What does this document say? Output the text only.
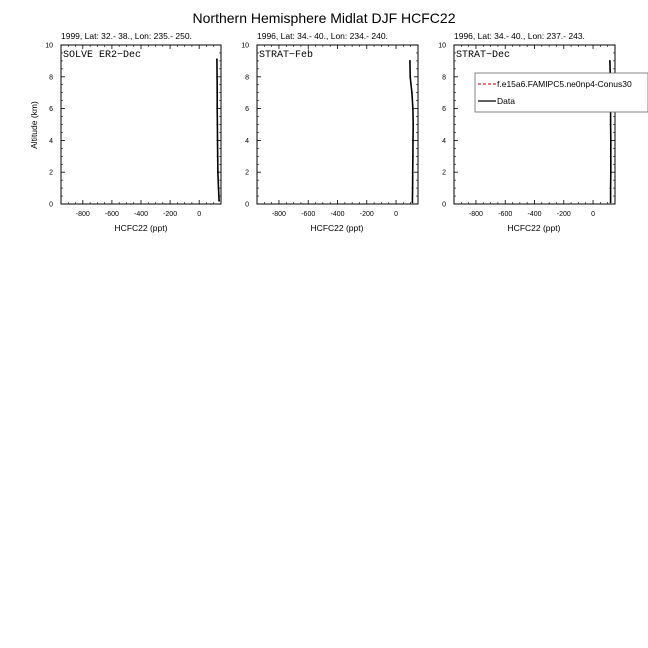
Northern Hemisphere Midlat DJF HCFC22
1999, Lat: 32.- 38., Lon: 235.- 250.
SOLVE ER2−Dec
HCFC22 (ppt)
Altitude (km)
-800 -600 -400 -200	0
0
2
4
6
8
10
1996, Lat: 34.- 40., Lon: 234.- 240.
STRAT−Feb
HCFC22 (ppt)
-800 -600 -400 -200	0
0
2
4
6
8
10
1996, Lat: 34.- 40., Lon: 237.- 243.
STRAT−Dec
HCFC22 (ppt)
-800 -600 -400 -200	0
0
2
4
6
8
10
f.e15a6.FAMIPC5.ne0np4-Conus30
Data
